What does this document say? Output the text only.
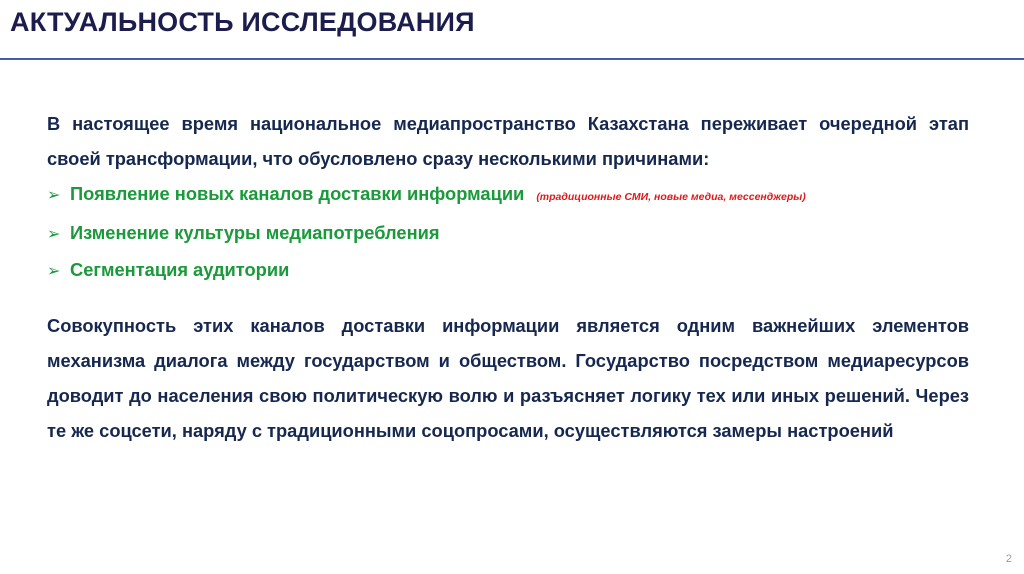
АКТУАЛЬНОСТЬ ИССЛЕДОВАНИЯ

В настоящее время национальное медиапространство Казахстана переживает очередной этап своей трансформации, что обусловлено сразу несколькими причинами:

➢ Появление новых каналов доставки информации (традиционные СМИ, новые медиа, мессенджеры)
➢ Изменение культуры медиапотребления
➢ Сегментация аудитории

Совокупность этих каналов доставки информации является одним важнейших элементов механизма диалога между государством и обществом. Государство посредством медиаресурсов доводит до населения свою политическую волю и разъясняет логику тех или иных решений. Через те же соцсети, наряду с традиционными соцопросами, осуществляются замеры настроений

2
